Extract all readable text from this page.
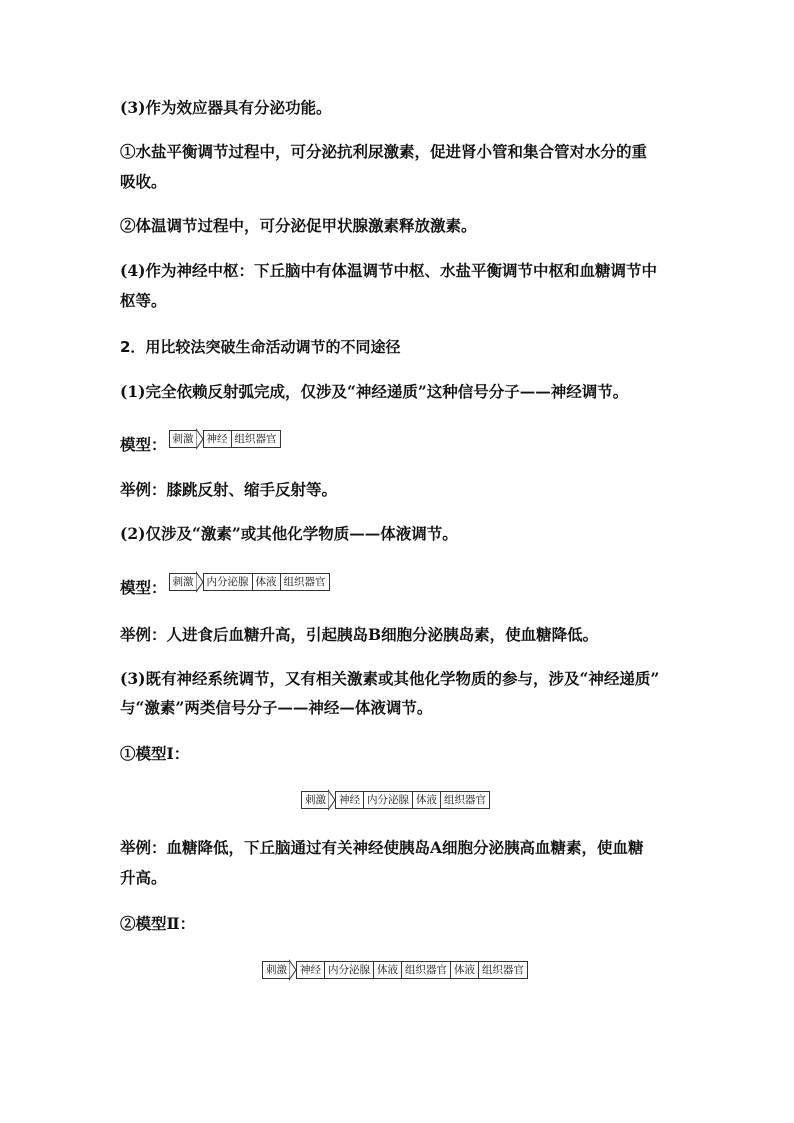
(3)作为效应器具有分泌功能。
①水盐平衡调节过程中，可分泌抗利尿激素，促进肾小管和集合管对水分的重
吸收。
②体温调节过程中，可分泌促甲状腺激素释放激素。
(4)作为神经中枢：下丘脑中有体温调节中枢、水盐平衡调节中枢和血糖调节中
枢等。
2．用比较法突破生命活动调节的不同途径
(1)完全依赖反射弧完成，仅涉及“神经递质”这种信号分子——神经调节。
模型： 刺激	神经 组织器官
举例：膝跳反射、缩手反射等。
(2)仅涉及“激素”或其他化学物质——体液调节。
模型： 刺激	内分泌腺 体液 组织器官
举例：人进食后血糖升高，引起胰岛B细胞分泌胰岛素，使血糖降低。
(3)既有神经系统调节，又有相关激素或其他化学物质的参与，涉及“神经递质”
与“激素”两类信号分子——神经—体液调节。
①模型Ⅰ：
刺激	神经 内分泌腺 体液 组织器官
举例：血糖降低，下丘脑通过有关神经使胰岛A细胞分泌胰高血糖素，使血糖
升高。
②模型Ⅱ：
刺激	神经 内分泌腺 体液 组织器官 体液 组织器官
